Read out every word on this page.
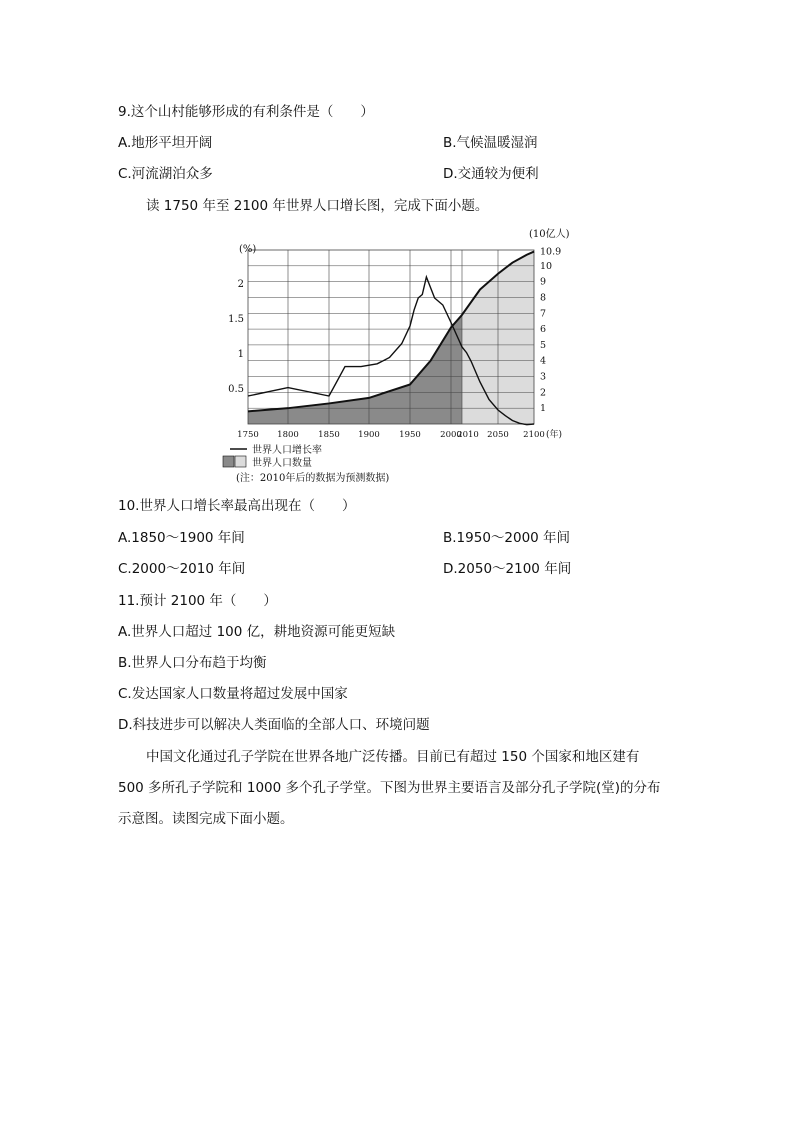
9.这个山村能够形成的有利条件是（　　）
A.地形平坦开阔	B.气候温暖湿润
C.河流湖泊众多	D.交通较为便利
读 1750 年至 2100 年世界人口增长图，完成下面小题。
(%)
(10亿人)
0.5
1
1.5
2
1
2
3
4
5
6
7
8
9
10
10.9
1750 1800 1850 1900 1950 2000
2010 2050 2100 (年)
世界人口增长率
世界人口数量
(注：2010年后的数据为预测数据)
10.世界人口增长率最高出现在（　　）
A.1850～1900 年间	B.1950～2000 年间
C.2000～2010 年间	D.2050～2100 年间
11.预计 2100 年（　　）
A.世界人口超过 100 亿，耕地资源可能更短缺
B.世界人口分布趋于均衡
C.发达国家人口数量将超过发展中国家
D.科技进步可以解决人类面临的全部人口、环境问题
中国文化通过孔子学院在世界各地广泛传播。目前已有超过 150 个国家和地区建有
500 多所孔子学院和 1000 多个孔子学堂。下图为世界主要语言及部分孔子学院(堂)的分布
示意图。读图完成下面小题。
